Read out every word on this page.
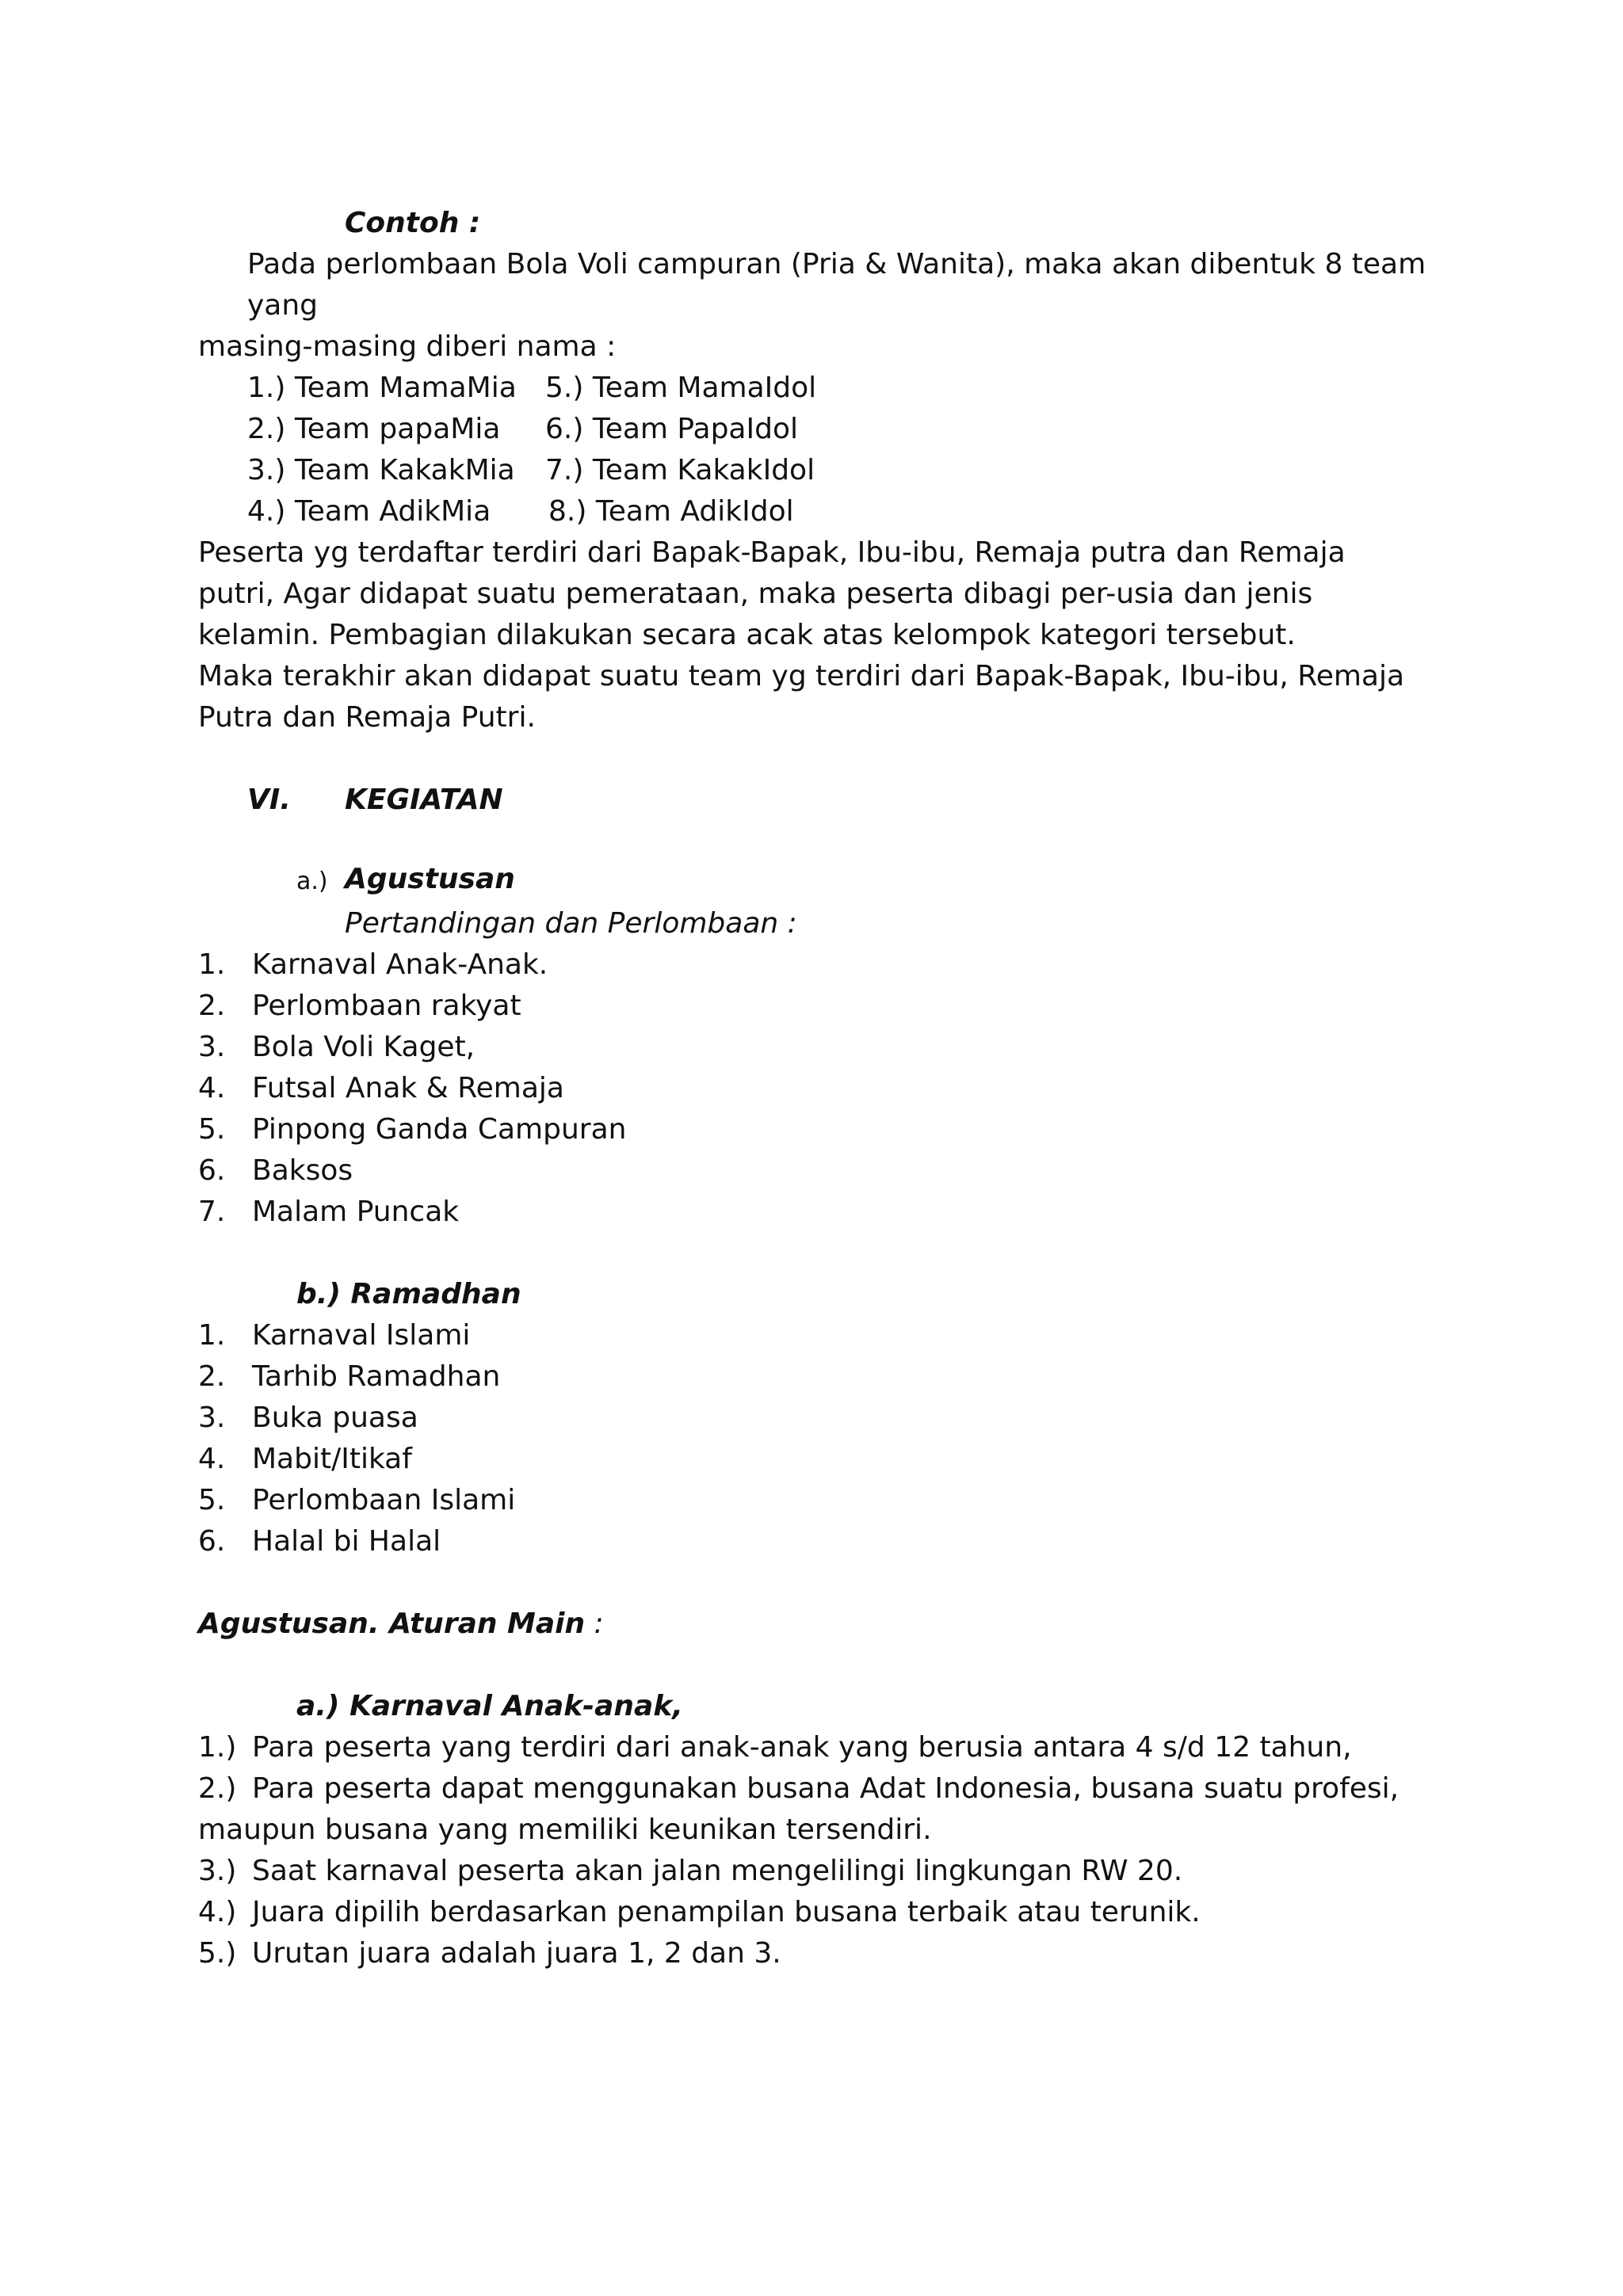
Contoh :
Pada perlombaan Bola Voli campuran (Pria & Wanita), maka akan dibentuk 8 team
yang
masing-masing diberi nama :
1.) Team MamaMia
2.) Team papaMia
3.) Team KakakMia
4.) Team AdikMia
5.) Team MamaIdol
6.) Team PapaIdol
7.) Team KakakIdol
8.) Team AdikIdol
Peserta yg terdaftar terdiri dari Bapak-Bapak, Ibu-ibu, Remaja putra dan Remaja
putri, Agar didapat suatu pemerataan, maka peserta dibagi per-usia dan jenis
kelamin. Pembagian dilakukan secara acak atas kelompok kategori tersebut.
Maka terakhir akan didapat suatu team yg terdiri dari Bapak-Bapak, Ibu-ibu, Remaja
Putra dan Remaja Putri.
VI. KEGIATAN
a.) Agustusan
Pertandingan dan Perlombaan :
1. Karnaval Anak-Anak.
2. Perlombaan rakyat
3. Bola Voli Kaget,
4. Futsal Anak & Remaja
5. Pinpong Ganda Campuran
6. Baksos
7. Malam Puncak
b.) Ramadhan
1. Karnaval Islami
2. Tarhib Ramadhan
3. Buka puasa
4. Mabit/Itikaf
5. Perlombaan Islami
6. Halal bi Halal
Agustusan. Aturan Main :
a.) Karnaval Anak-anak,
1.) Para peserta yang terdiri dari anak-anak yang berusia antara 4 s/d 12 tahun,
2.) Para peserta dapat menggunakan busana Adat Indonesia, busana suatu profesi,
maupun busana yang memiliki keunikan tersendiri.
3.) Saat karnaval peserta akan jalan mengelilingi lingkungan RW 20.
4.) Juara dipilih berdasarkan penampilan busana terbaik atau terunik.
5.) Urutan juara adalah juara 1, 2 dan 3.
